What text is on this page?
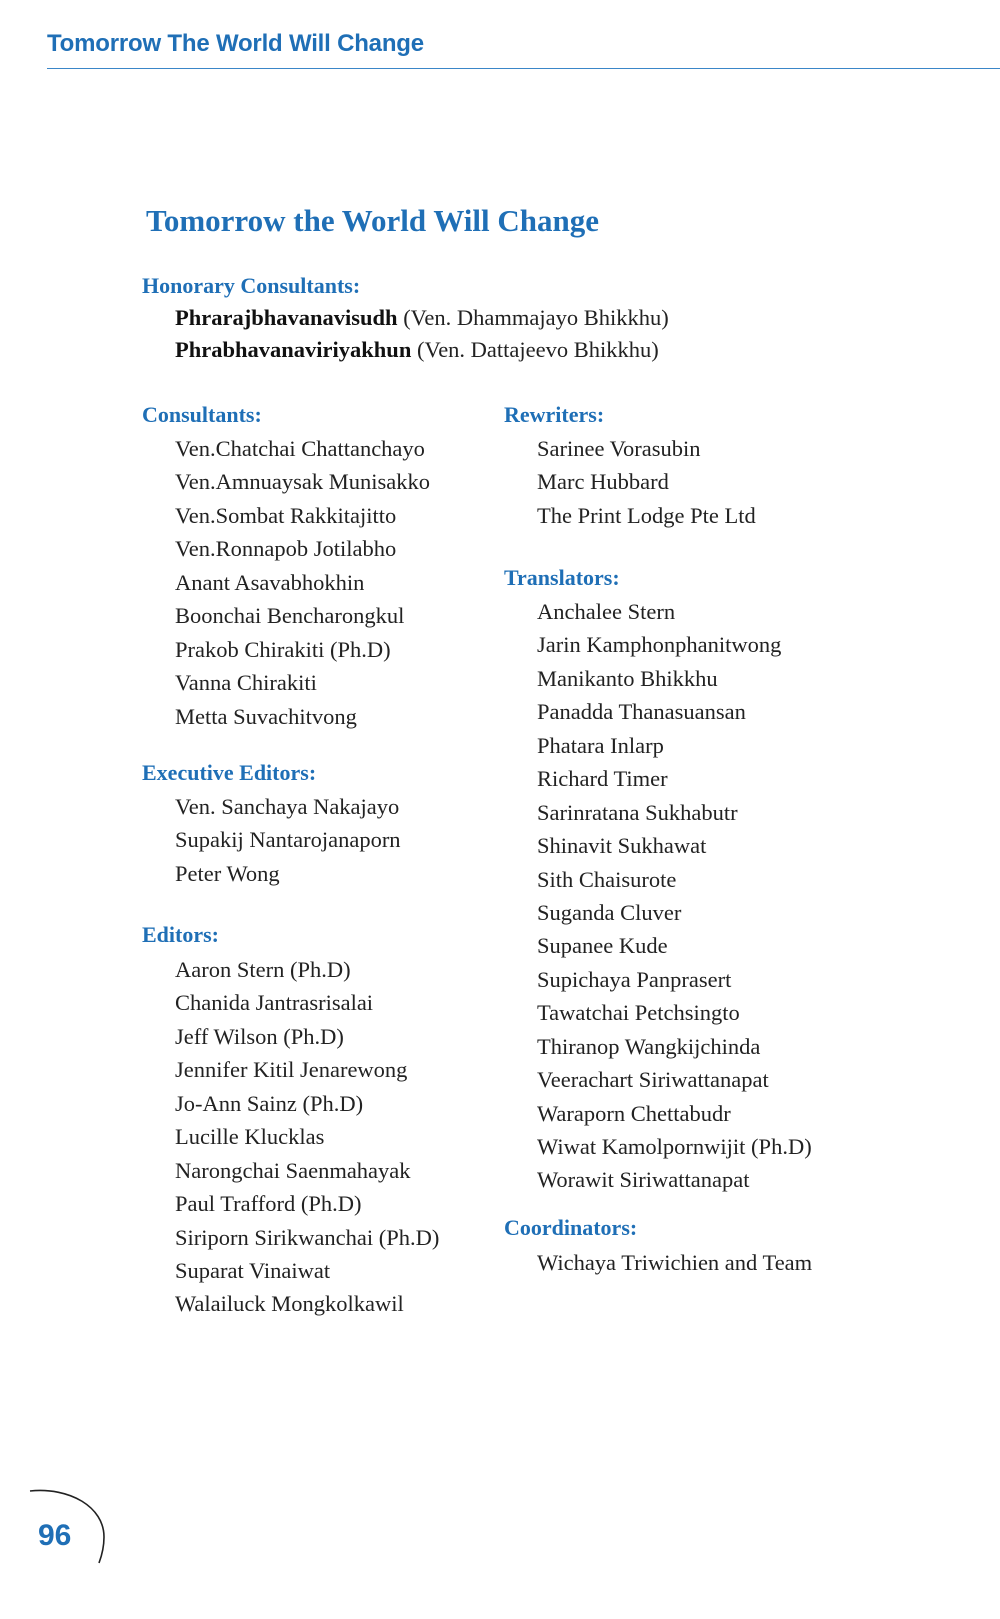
Tomorrow The World Will Change
Tomorrow the World Will Change
Honorary Consultants:
Phrarajbhavanavisudh (Ven. Dhammajayo Bhikkhu)
Phrabhavanaviriyakhun (Ven. Dattajeevo Bhikkhu)
Consultants:
Ven.Chatchai Chattanchayo
Ven.Amnuaysak Munisakko
Ven.Sombat Rakkitajitto
Ven.Ronnapob Jotilabho
Anant Asavabhokhin
Boonchai Bencharongkul
Prakob Chirakiti (Ph.D)
Vanna Chirakiti
Metta Suvachitvong
Executive Editors:
Ven. Sanchaya Nakajayo
Supakij Nantarojanaporn
Peter Wong
Editors:
Aaron Stern (Ph.D)
Chanida Jantrasrisalai
Jeff Wilson (Ph.D)
Jennifer Kitil Jenarewong
Jo-Ann Sainz (Ph.D)
Lucille Klucklas
Narongchai Saenmahayak
Paul Trafford (Ph.D)
Siriporn Sirikwanchai (Ph.D)
Suparat Vinaiwat
Walailuck Mongkolkawil
Rewriters:
Sarinee Vorasubin
Marc Hubbard
The Print Lodge Pte Ltd
Translators:
Anchalee Stern
Jarin Kamphonphanitwong
Manikanto Bhikkhu
Panadda Thanasuansan
Phatara Inlarp
Richard Timer
Sarinratana Sukhabutr
Shinavit Sukhawat
Sith Chaisurote
Suganda Cluver
Supanee Kude
Supichaya Panprasert
Tawatchai Petchsingto
Thiranop Wangkijchinda
Veerachart Siriwattanapat
Waraporn Chettabudr
Wiwat Kamolpornwijit (Ph.D)
Worawit Siriwattanapat
Coordinators:
Wichaya Triwichien and Team
96
